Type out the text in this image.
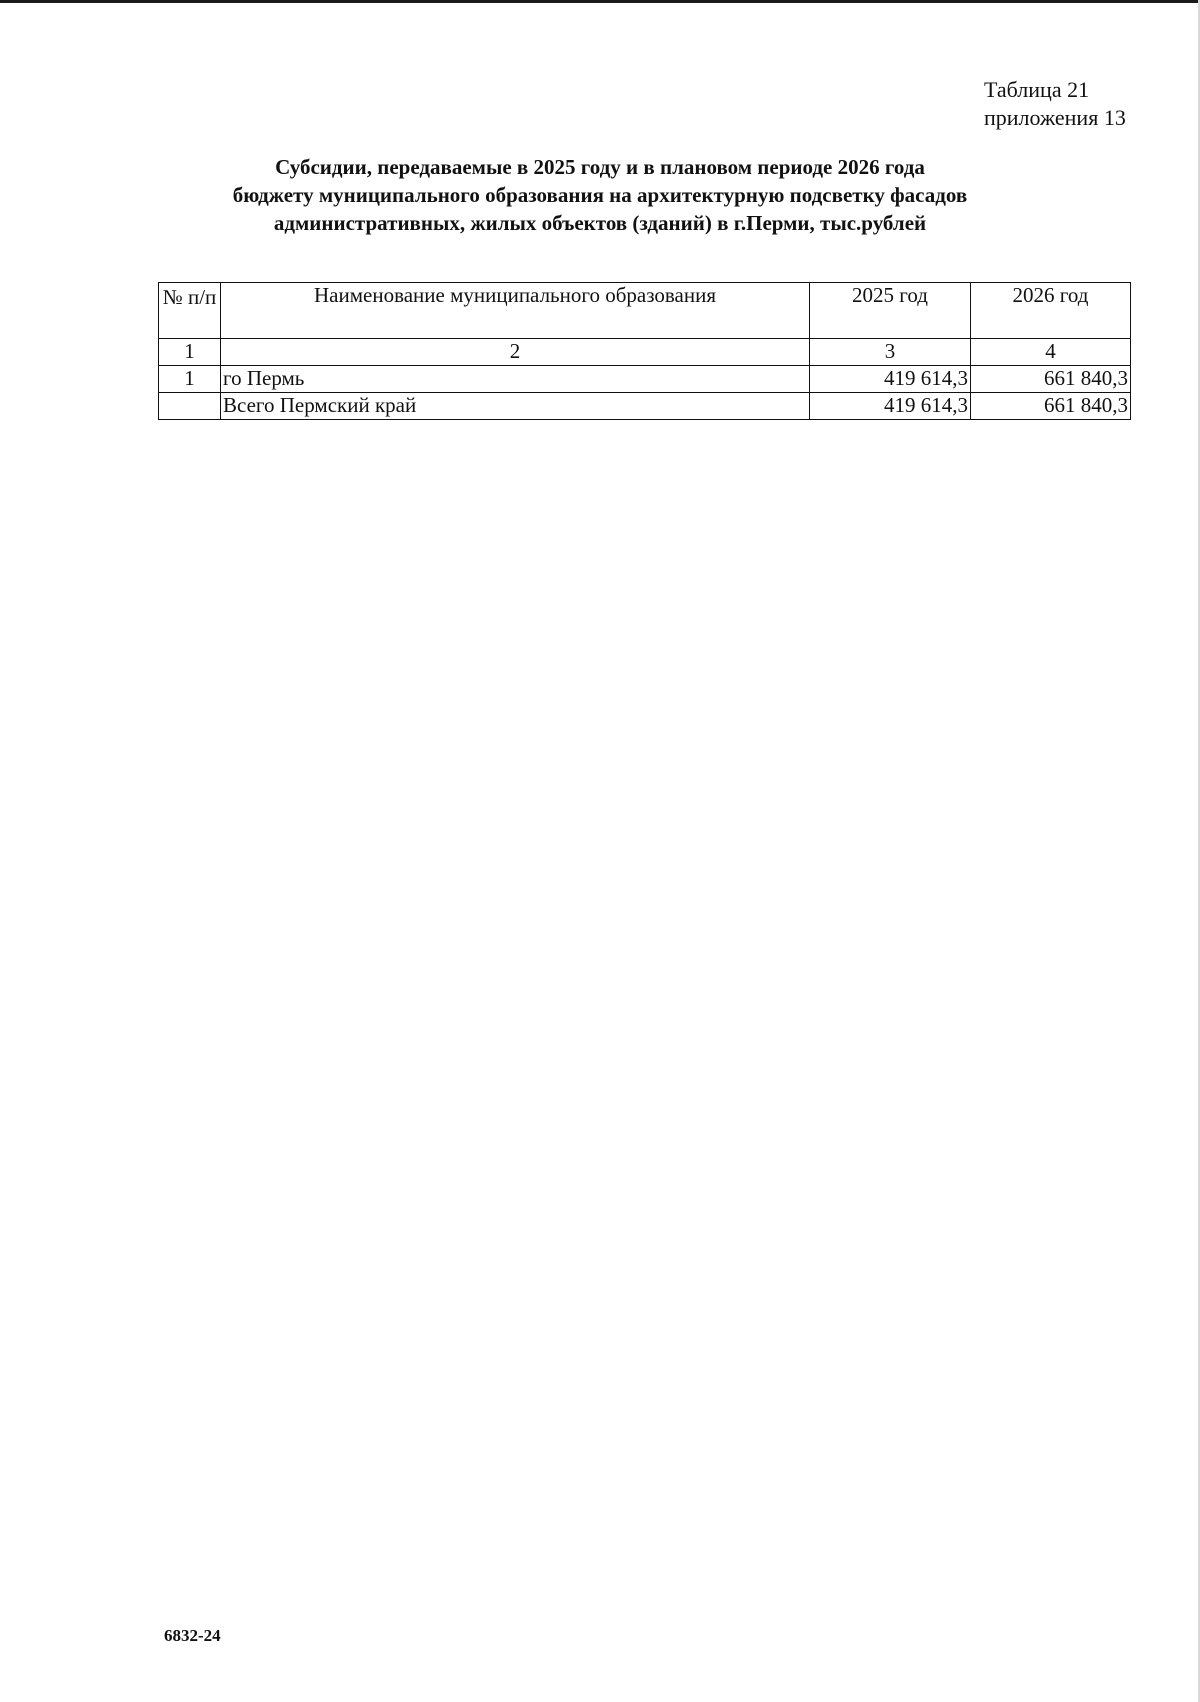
Таблица 21
приложения 13
Субсидии, передаваемые в 2025 году и в плановом периоде 2026 года
бюджету муниципального образования на архитектурную подсветку фасадов
административных, жилых объектов (зданий) в г.Перми, тыс.рублей
№ п/п	Наименование муниципального образования	2025 год	2026 год
1	2	3	4
1	го Пермь	419 614,3	661 840,3
	Всего Пермский край	419 614,3	661 840,3
6832-24
